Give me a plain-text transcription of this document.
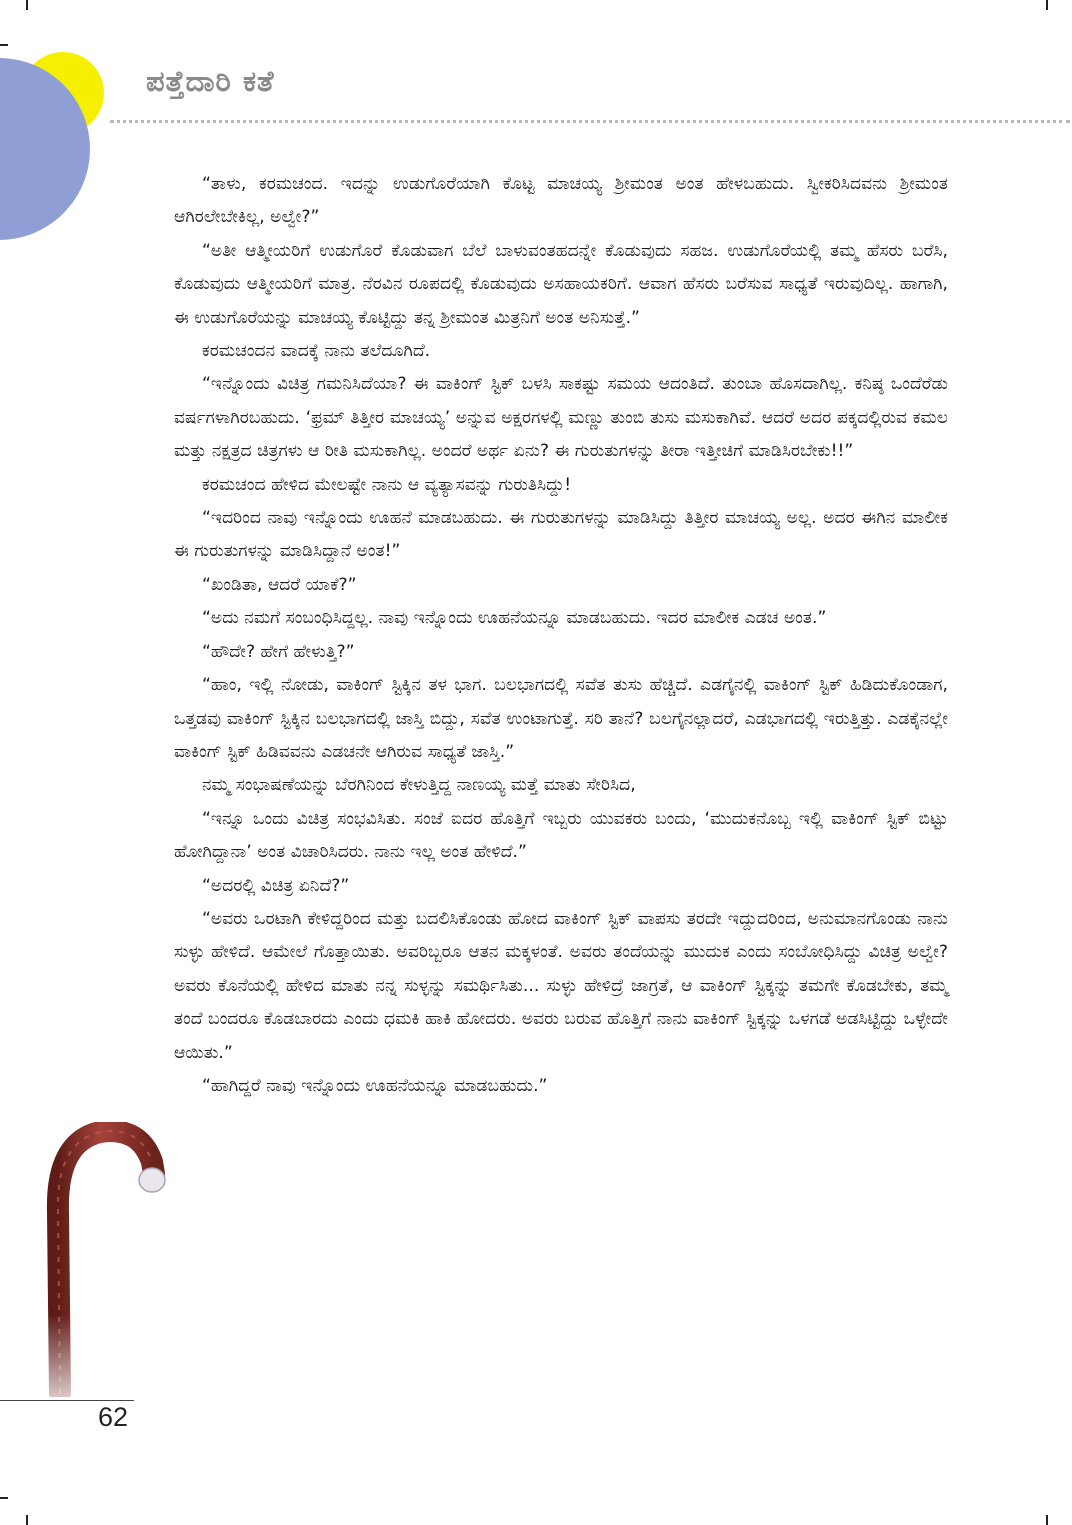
ಪತ್ತೆದಾರಿ ಕತೆ

“ತಾಳು, ಕರಮಚಂದ. ಇದನ್ನು ಉಡುಗೊರೆಯಾಗಿ ಕೊಟ್ಟ ಮಾಚಯ್ಯ ಶ್ರೀಮಂತ ಅಂತ ಹೇಳಬಹುದು. ಸ್ವೀಕರಿಸಿದವನು ಶ್ರೀಮಂತ ಆಗಿರಲೇಬೇಕಿಲ್ಲ, ಅಲ್ವೇ?”

“ಅತೀ ಆತ್ಮೀಯರಿಗೆ ಉಡುಗೊರೆ ಕೊಡುವಾಗ ಬೆಲೆ ಬಾಳುವಂತಹದನ್ನೇ ಕೊಡುವುದು ಸಹಜ. ಉಡುಗೊರೆಯಲ್ಲಿ ತಮ್ಮ ಹೆಸರು ಬರೆಸಿ, ಕೊಡುವುದು ಆತ್ಮೀಯರಿಗೆ ಮಾತ್ರ. ನೆರವಿನ ರೂಪದಲ್ಲಿ ಕೊಡುವುದು ಅಸಹಾಯಕರಿಗೆ. ಆವಾಗ ಹೆಸರು ಬರೆಸುವ ಸಾಧ್ಯತೆ ಇರುವುದಿಲ್ಲ. ಹಾಗಾಗಿ, ಈ ಉಡುಗೊರೆಯನ್ನು ಮಾಚಯ್ಯ ಕೊಟ್ಟಿದ್ದು ತನ್ನ ಶ್ರೀಮಂತ ಮಿತ್ರನಿಗೆ ಅಂತ ಅನಿಸುತ್ತೆ.”

ಕರಮಚಂದನ ವಾದಕ್ಕೆ ನಾನು ತಲೆದೂಗಿದೆ.

“ಇನ್ನೊಂದು ವಿಚಿತ್ರ ಗಮನಿಸಿದೆಯಾ? ಈ ವಾಕಿಂಗ್ ಸ್ಟಿಕ್ ಬಳಸಿ ಸಾಕಷ್ಟು ಸಮಯ ಆದಂತಿದೆ. ತುಂಬಾ ಹೊಸದಾಗಿಲ್ಲ. ಕನಿಷ್ಠ ಒಂದೆರೆಡು ವರ್ಷಗಳಾಗಿರಬಹುದು. ‘ಫ್ರಮ್ ತಿತ್ತೀರ ಮಾಚಯ್ಯ’ ಅನ್ನುವ ಅಕ್ಷರಗಳಲ್ಲಿ ಮಣ್ಣು ತುಂಬಿ ತುಸು ಮಸುಕಾಗಿವೆ. ಆದರೆ ಅದರ ಪಕ್ಕದಲ್ಲಿರುವ ಕಮಲ ಮತ್ತು ನಕ್ಷತ್ರದ ಚಿತ್ರಗಳು ಆ ರೀತಿ ಮಸುಕಾಗಿಲ್ಲ. ಅಂದರೆ ಅರ್ಥ ಏನು? ಈ ಗುರುತುಗಳನ್ನು ತೀರಾ ಇತ್ತೀಚಿಗೆ ಮಾಡಿಸಿರಬೇಕು!!”

ಕರಮಚಂದ ಹೇಳಿದ ಮೇಲಷ್ಟೇ ನಾನು ಆ ವ್ಯತ್ಯಾಸವನ್ನು ಗುರುತಿಸಿದ್ದು!

“ಇದರಿಂದ ನಾವು ಇನ್ನೊಂದು ಊಹನೆ ಮಾಡಬಹುದು. ಈ ಗುರುತುಗಳನ್ನು ಮಾಡಿಸಿದ್ದು ತಿತ್ತೀರ ಮಾಚಯ್ಯ ಅಲ್ಲ. ಅದರ ಈಗಿನ ಮಾಲೀಕ ಈ ಗುರುತುಗಳನ್ನು ಮಾಡಿಸಿದ್ದಾನೆ ಅಂತ!”

“ಖಂಡಿತಾ, ಆದರೆ ಯಾಕೆ?”

“ಅದು ನಮಗೆ ಸಂಬಂಧಿಸಿದ್ದಲ್ಲ. ನಾವು ಇನ್ನೊಂದು ಊಹನೆಯನ್ನೂ ಮಾಡಬಹುದು. ಇದರ ಮಾಲೀಕ ಎಡಚ ಅಂತ.”

“ಹೌದೇ? ಹೇಗೆ ಹೇಳುತ್ತಿ?”

“ಹಾಂ, ಇಲ್ಲಿ ನೋಡು, ವಾಕಿಂಗ್ ಸ್ಟಿಕ್ಕಿನ ತಳ ಭಾಗ. ಬಲಭಾಗದಲ್ಲಿ ಸವೆತ ತುಸು ಹೆಚ್ಚಿದೆ. ಎಡಗೈನಲ್ಲಿ ವಾಕಿಂಗ್ ಸ್ಟಿಕ್ ಹಿಡಿದುಕೊಂಡಾಗ, ಒತ್ತಡವು ವಾಕಿಂಗ್ ಸ್ಟಿಕ್ಕಿನ ಬಲಭಾಗದಲ್ಲಿ ಜಾಸ್ತಿ ಬಿದ್ದು, ಸವೆತ ಉಂಟಾಗುತ್ತೆ. ಸರಿ ತಾನೆ? ಬಲಗೈನಲ್ಲಾದರೆ, ಎಡಭಾಗದಲ್ಲಿ ಇರುತ್ತಿತ್ತು. ಎಡಕೈನಲ್ಲೇ ವಾಕಿಂಗ್ ಸ್ಟಿಕ್ ಹಿಡಿವವನು ಎಡಚನೇ ಆಗಿರುವ ಸಾಧ್ಯತೆ ಜಾಸ್ತಿ.”

ನಮ್ಮ ಸಂಭಾಷಣೆಯನ್ನು ಬೆರಗಿನಿಂದ ಕೇಳುತ್ತಿದ್ದ ನಾಣಯ್ಯ ಮತ್ತೆ ಮಾತು ಸೇರಿಸಿದ,

“ಇನ್ನೂ ಒಂದು ವಿಚಿತ್ರ ಸಂಭವಿಸಿತು. ಸಂಜೆ ಐದರ ಹೊತ್ತಿಗೆ ಇಬ್ಬರು ಯುವಕರು ಬಂದು, ‘ಮುದುಕನೊಬ್ಬ ಇಲ್ಲಿ ವಾಕಿಂಗ್ ಸ್ಟಿಕ್ ಬಿಟ್ಟು ಹೋಗಿದ್ದಾನಾ’ ಅಂತ ವಿಚಾರಿಸಿದರು. ನಾನು ಇಲ್ಲ ಅಂತ ಹೇಳಿದೆ.”

“ಅದರಲ್ಲಿ ವಿಚಿತ್ರ ಏನಿದೆ?”

“ಅವರು ಒರಟಾಗಿ ಕೇಳಿದ್ದರಿಂದ ಮತ್ತು ಬದಲಿಸಿಕೊಂಡು ಹೋದ ವಾಕಿಂಗ್ ಸ್ಟಿಕ್ ವಾಪಸು ತರದೇ ಇದ್ದುದರಿಂದ, ಅನುಮಾನಗೊಂಡು ನಾನು ಸುಳ್ಳು ಹೇಳಿದೆ. ಆಮೇಲೆ ಗೊತ್ತಾಯಿತು. ಅವರಿಬ್ಬರೂ ಆತನ ಮಕ್ಕಳಂತೆ. ಅವರು ತಂದೆಯನ್ನು ಮುದುಕ ಎಂದು ಸಂಬೋಧಿಸಿದ್ದು ವಿಚಿತ್ರ ಅಲ್ವೇ? ಅವರು ಕೊನೆಯಲ್ಲಿ ಹೇಳಿದ ಮಾತು ನನ್ನ ಸುಳ್ಳನ್ನು ಸಮರ್ಥಿಸಿತು... ಸುಳ್ಳು ಹೇಳಿದ್ರೆ ಜಾಗ್ರತೆ, ಆ ವಾಕಿಂಗ್ ಸ್ಟಿಕ್ಕನ್ನು ತಮಗೇ ಕೊಡಬೇಕು, ತಮ್ಮ ತಂದೆ ಬಂದರೂ ಕೊಡಬಾರದು ಎಂದು ಧಮಕಿ ಹಾಕಿ ಹೋದರು. ಅವರು ಬರುವ ಹೊತ್ತಿಗೆ ನಾನು ವಾಕಿಂಗ್ ಸ್ಟಿಕ್ಕನ್ನು ಒಳಗಡೆ ಅಡಸಿಟ್ಟಿದ್ದು ಒಳ್ಳೇದೇ ಆಯಿತು.”

“ಹಾಗಿದ್ದರೆ ನಾವು ಇನ್ನೊಂದು ಊಹನೆಯನ್ನೂ ಮಾಡಬಹುದು.”

62
